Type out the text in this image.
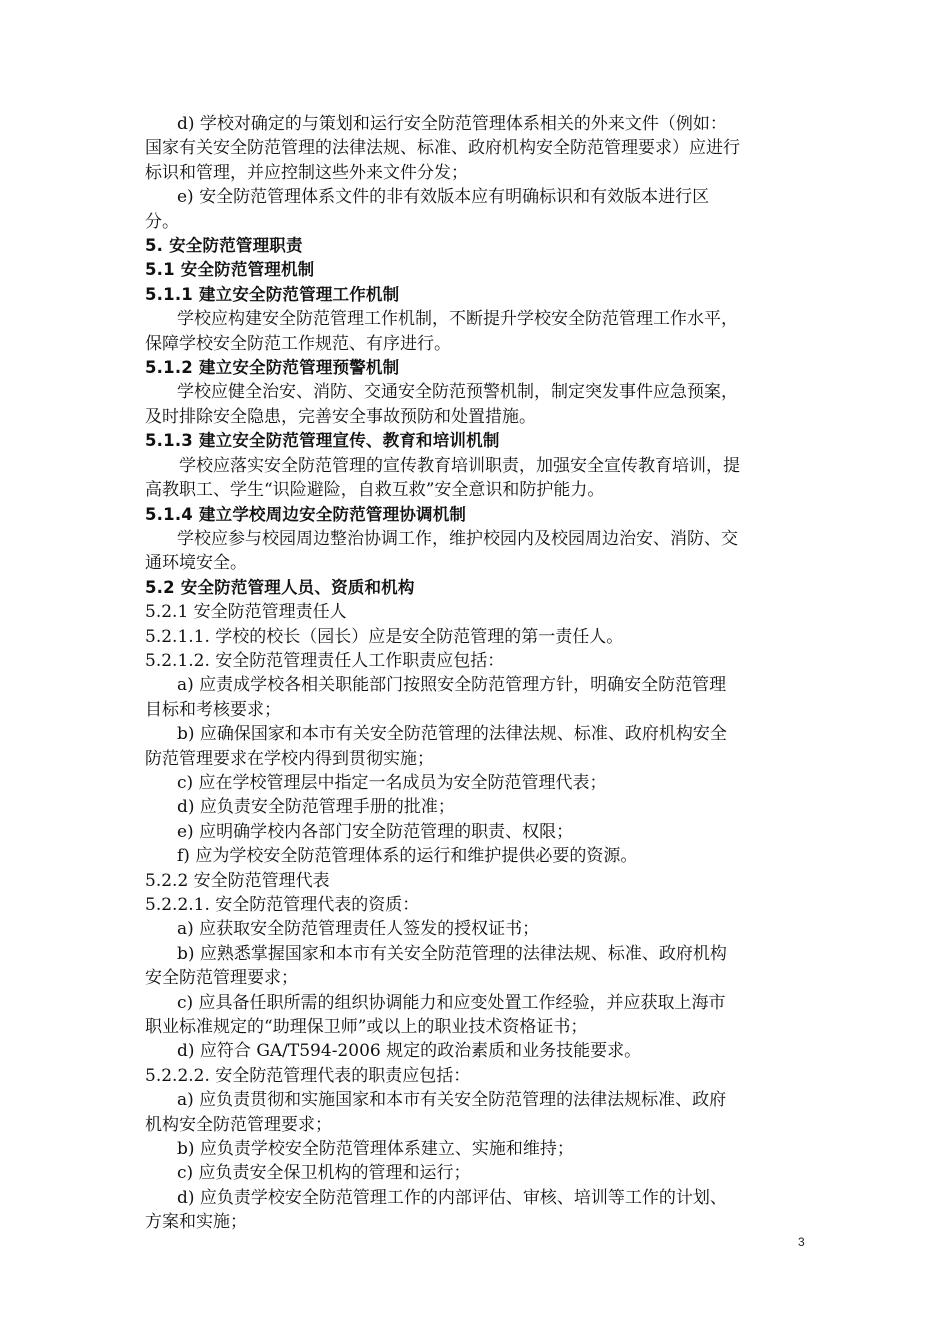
d) 学校对确定的与策划和运行安全防范管理体系相关的外来文件（例如：

国家有关安全防范管理的法律法规、标准、政府机构安全防范管理要求）应进行

标识和管理，并应控制这些外来文件分发；

e) 安全防范管理体系文件的非有效版本应有明确标识和有效版本进行区

分。

5. 安全防范管理职责

5.1 安全防范管理机制

5.1.1 建立安全防范管理工作机制

学校应构建安全防范管理工作机制，不断提升学校安全防范管理工作水平，

保障学校安全防范工作规范、有序进行。

5.1.2 建立安全防范管理预警机制

学校应健全治安、消防、交通安全防范预警机制，制定突发事件应急预案，

及时排除安全隐患，完善安全事故预防和处置措施。

5.1.3 建立安全防范管理宣传、教育和培训机制

学校应落实安全防范管理的宣传教育培训职责，加强安全宣传教育培训，提

高教职工、学生“识险避险，自救互救”安全意识和防护能力。

5.1.4 建立学校周边安全防范管理协调机制

学校应参与校园周边整治协调工作，维护校园内及校园周边治安、消防、交

通环境安全。

5.2 安全防范管理人员、资质和机构

5.2.1 安全防范管理责任人

5.2.1.1. 学校的校长（园长）应是安全防范管理的第一责任人。

5.2.1.2. 安全防范管理责任人工作职责应包括：

a) 应责成学校各相关职能部门按照安全防范管理方针，明确安全防范管理

目标和考核要求；

b) 应确保国家和本市有关安全防范管理的法律法规、标准、政府机构安全

防范管理要求在学校内得到贯彻实施；

c) 应在学校管理层中指定一名成员为安全防范管理代表；

d) 应负责安全防范管理手册的批准；

e) 应明确学校内各部门安全防范管理的职责、权限；

f) 应为学校安全防范管理体系的运行和维护提供必要的资源。

5.2.2 安全防范管理代表

5.2.2.1. 安全防范管理代表的资质：

a) 应获取安全防范管理责任人签发的授权证书；

b) 应熟悉掌握国家和本市有关安全防范管理的法律法规、标准、政府机构

安全防范管理要求；

c) 应具备任职所需的组织协调能力和应变处置工作经验，并应获取上海市

职业标准规定的“助理保卫师”或以上的职业技术资格证书；

d) 应符合 GA/T594-2006 规定的政治素质和业务技能要求。

5.2.2.2. 安全防范管理代表的职责应包括：

a) 应负责贯彻和实施国家和本市有关安全防范管理的法律法规标准、政府

机构安全防范管理要求；

b) 应负责学校安全防范管理体系建立、实施和维持；

c) 应负责安全保卫机构的管理和运行；

d) 应负责学校安全防范管理工作的内部评估、审核、培训等工作的计划、

方案和实施；

3
